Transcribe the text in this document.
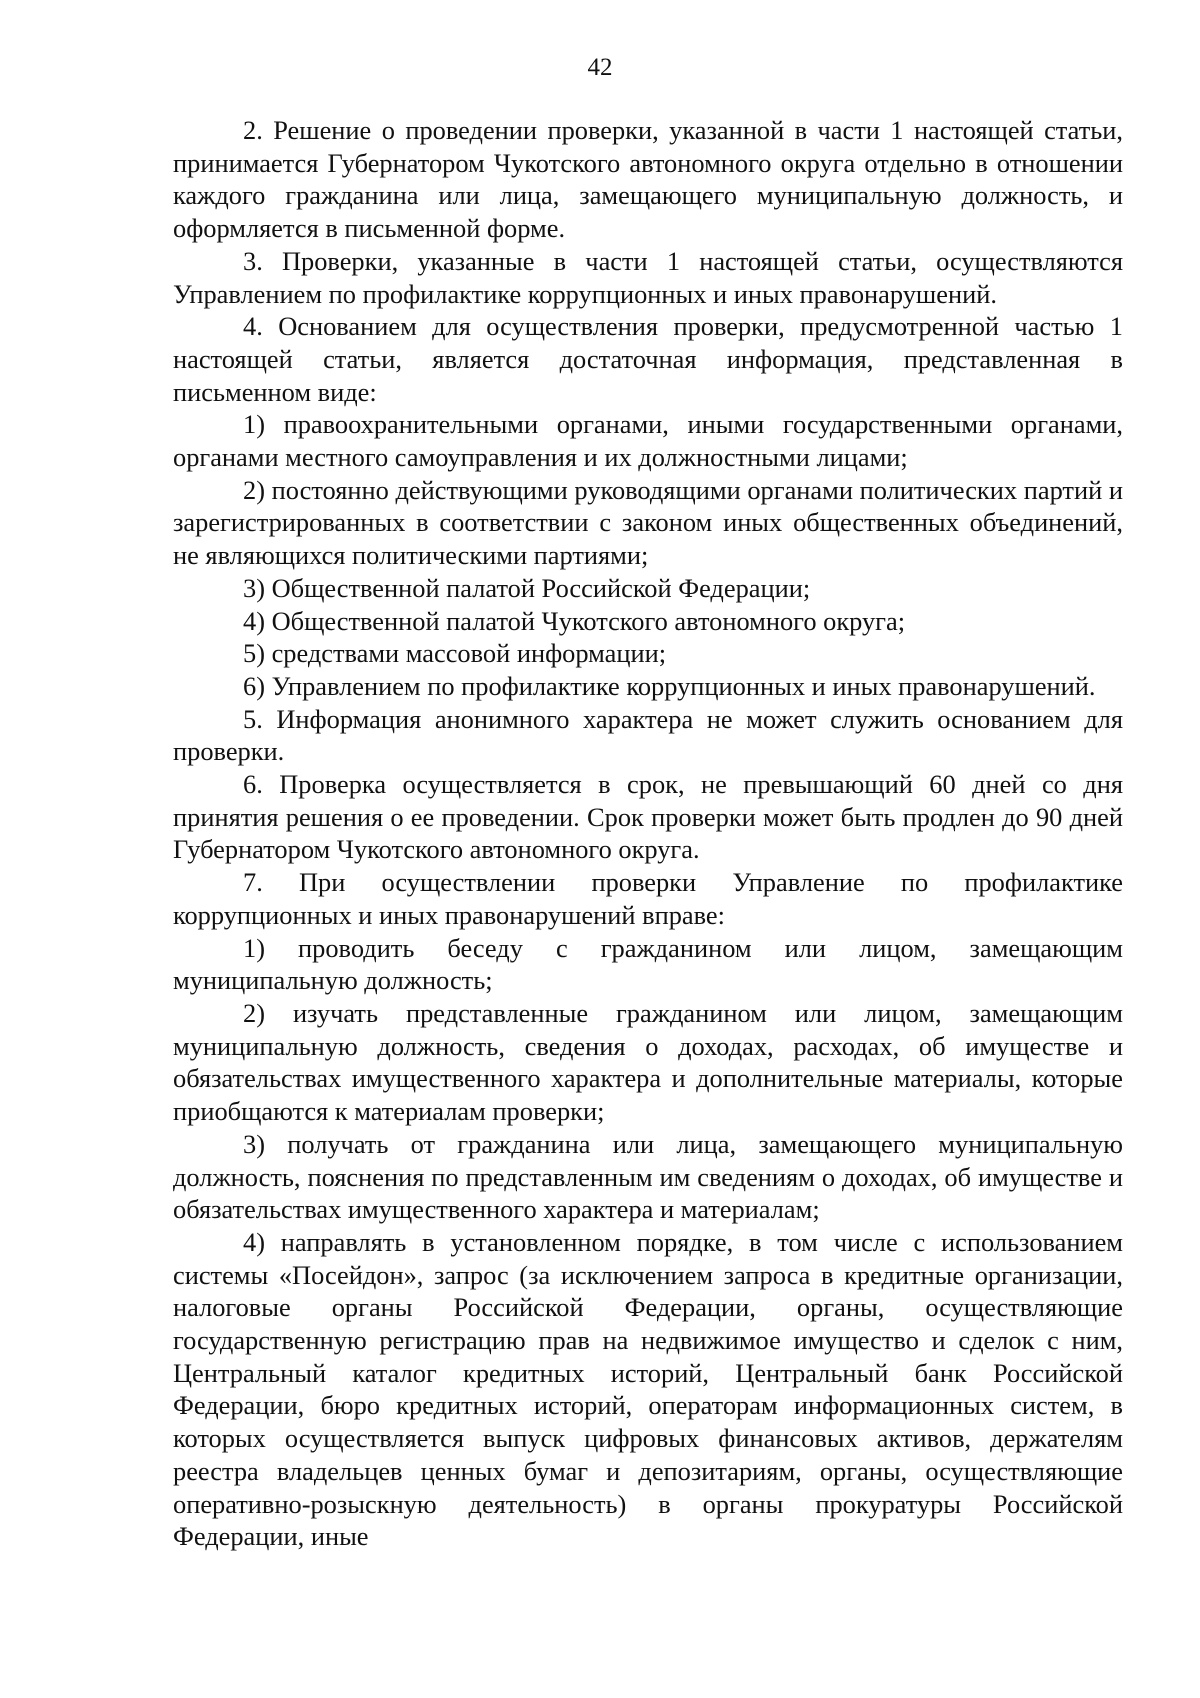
42

2. Решение о проведении проверки, указанной в части 1 настоящей статьи, принимается Губернатором Чукотского автономного округа отдельно в отношении каждого гражданина или лица, замещающего муниципальную должность, и оформляется в письменной форме.

3. Проверки, указанные в части 1 настоящей статьи, осуществляются Управлением по профилактике коррупционных и иных правонарушений.

4. Основанием для осуществления проверки, предусмотренной частью 1 настоящей статьи, является достаточная информация, представленная в письменном виде:

1) правоохранительными органами, иными государственными органами, органами местного самоуправления и их должностными лицами;

2) постоянно действующими руководящими органами политических партий и зарегистрированных в соответствии с законом иных общественных объединений, не являющихся политическими партиями;

3) Общественной палатой Российской Федерации;

4) Общественной палатой Чукотского автономного округа;

5) средствами массовой информации;

6) Управлением по профилактике коррупционных и иных правонарушений.

5. Информация анонимного характера не может служить основанием для проверки.

6. Проверка осуществляется в срок, не превышающий 60 дней со дня принятия решения о ее проведении. Срок проверки может быть продлен до 90 дней Губернатором Чукотского автономного округа.

7. При осуществлении проверки Управление по профилактике коррупционных и иных правонарушений вправе:

1) проводить беседу с гражданином или лицом, замещающим муниципальную должность;

2) изучать представленные гражданином или лицом, замещающим муниципальную должность, сведения о доходах, расходах, об имуществе и обязательствах имущественного характера и дополнительные материалы, которые приобщаются к материалам проверки;

3) получать от гражданина или лица, замещающего муниципальную должность, пояснения по представленным им сведениям о доходах, об имуществе и обязательствах имущественного характера и материалам;

4) направлять в установленном порядке, в том числе с использованием системы «Посейдон», запрос (за исключением запроса в кредитные организации, налоговые органы Российской Федерации, органы, осуществляющие государственную регистрацию прав на недвижимое имущество и сделок с ним, Центральный каталог кредитных историй, Центральный банк Российской Федерации, бюро кредитных историй, операторам информационных систем, в которых осуществляется выпуск цифровых финансовых активов, держателям реестра владельцев ценных бумаг и депозитариям, органы, осуществляющие оперативно-розыскную деятельность) в органы прокуратуры Российской Федерации, иные
